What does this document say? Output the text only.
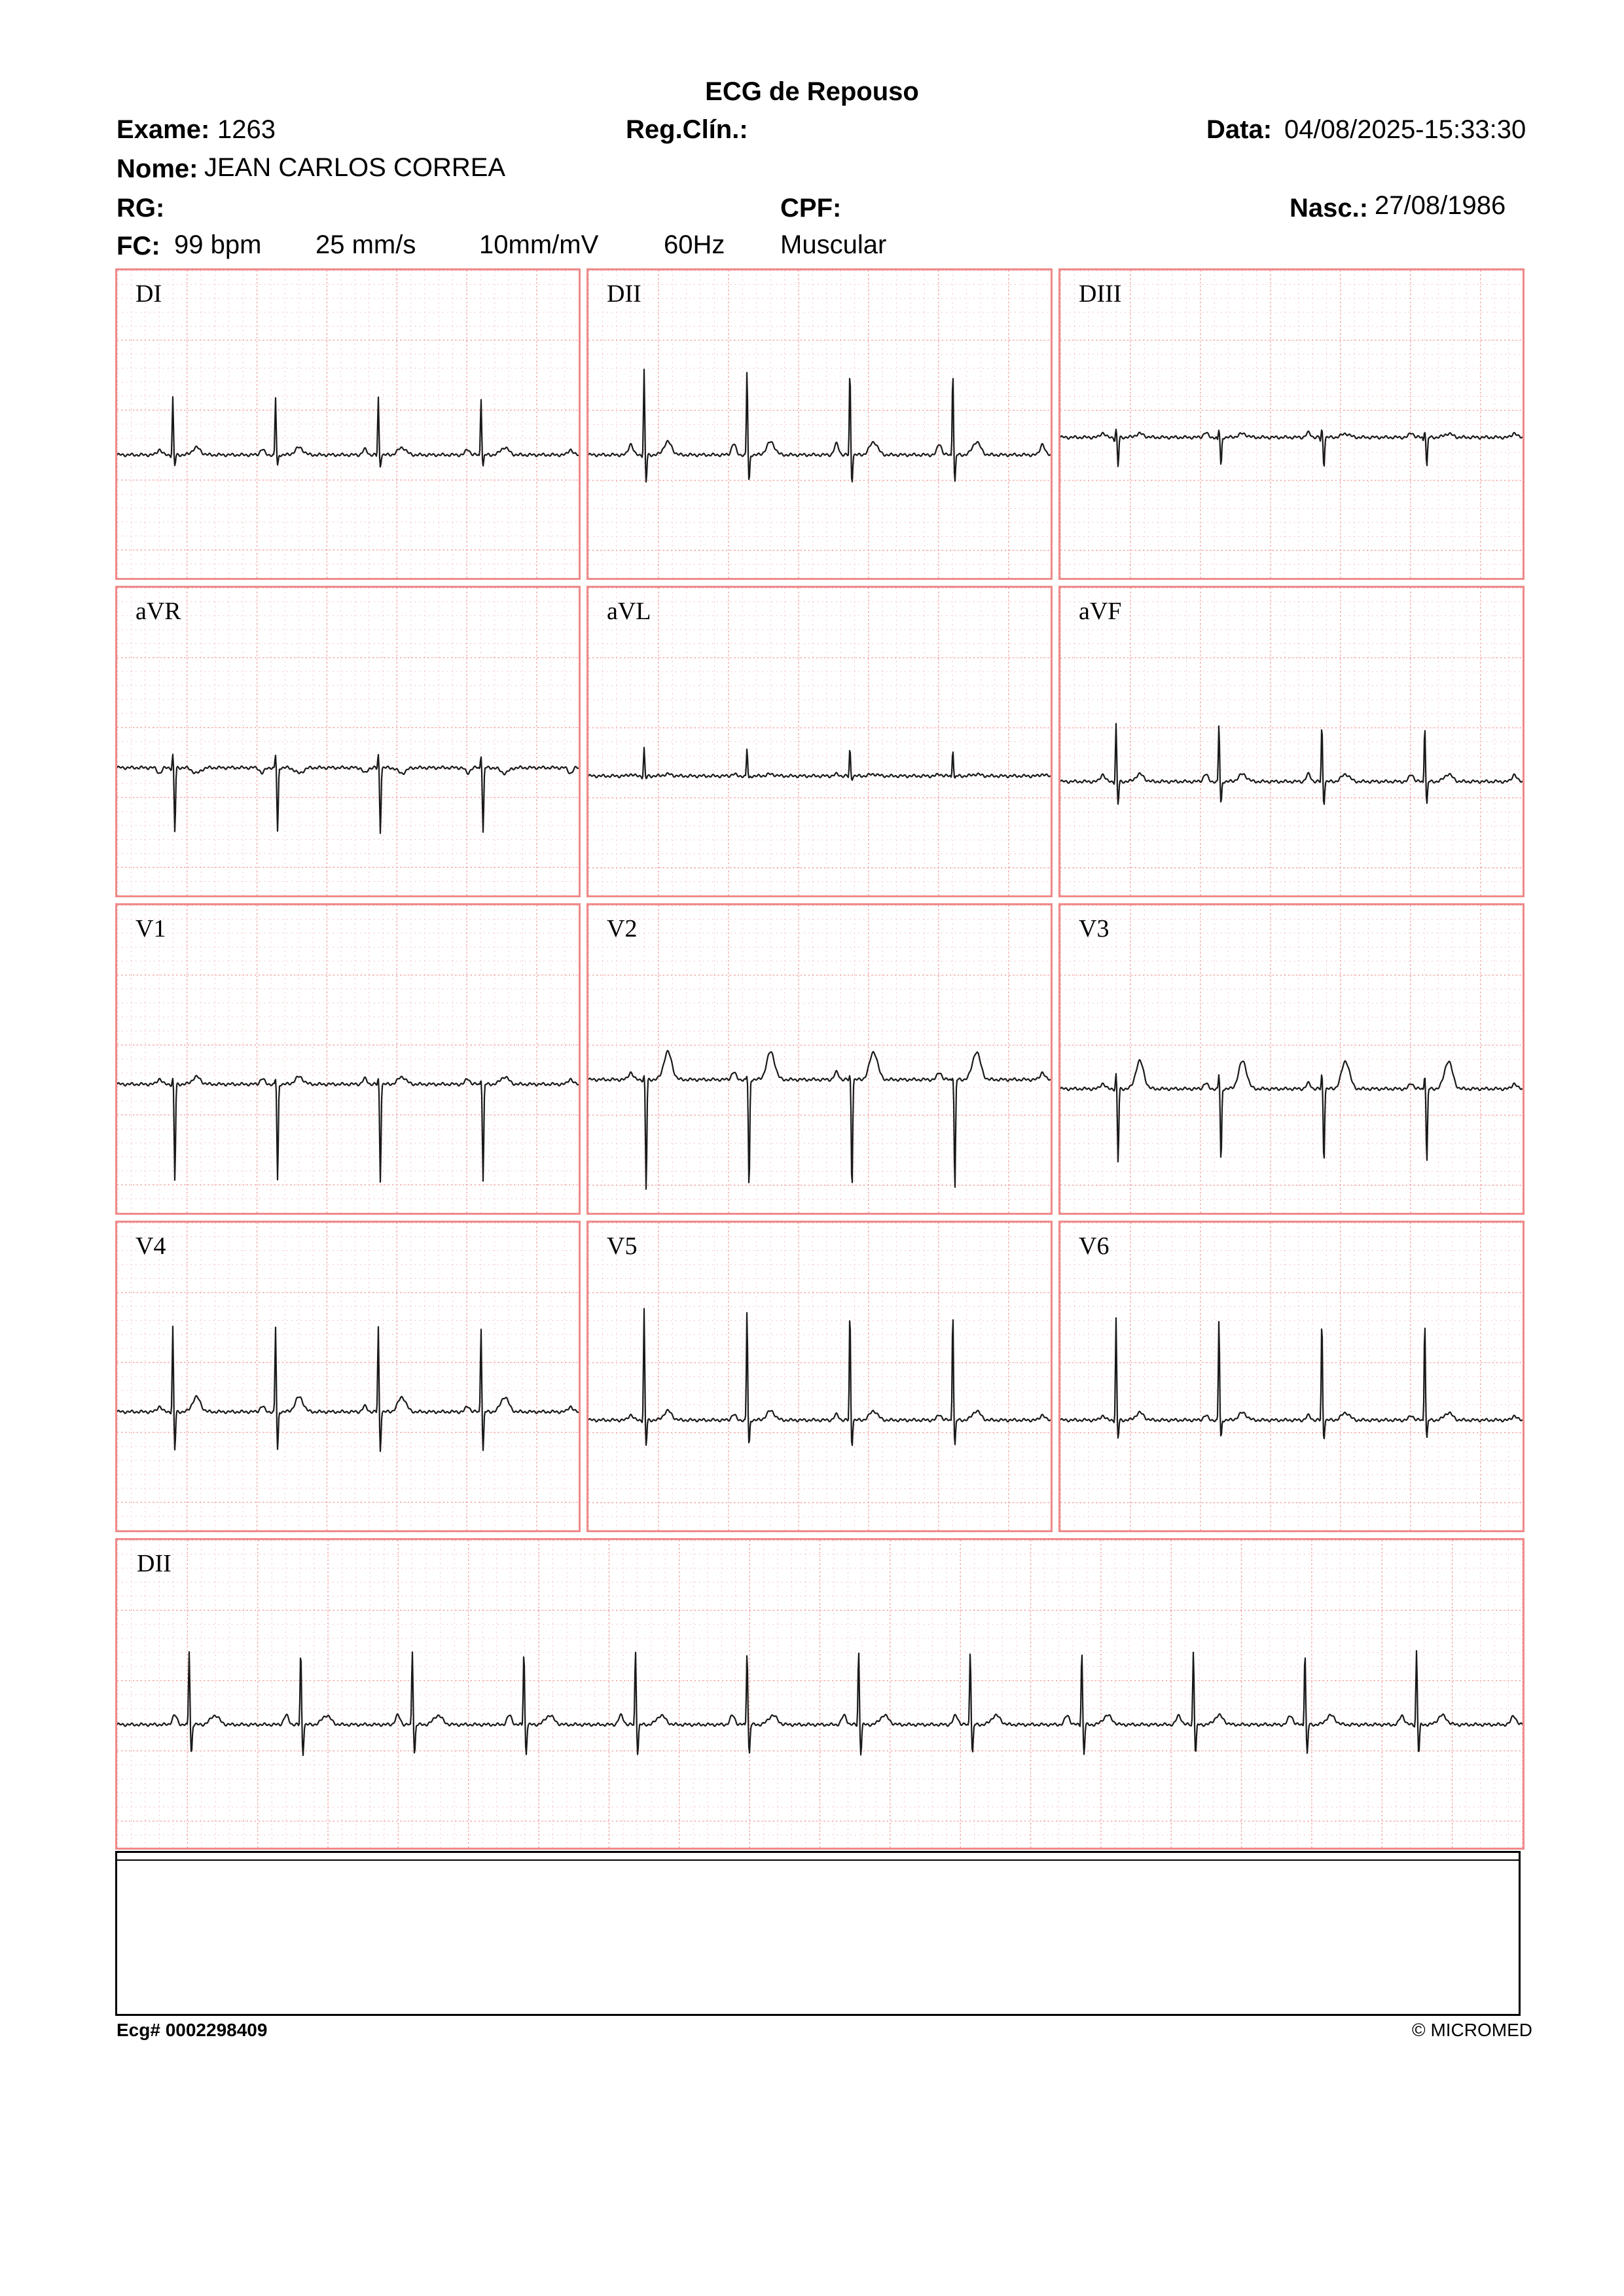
ECG de Repouso
Exame: 1263	Reg.Clín.:	Data: 04/08/2025-15:33:30
Nome: JEAN CARLOS CORREA
RG:	CPF:	Nasc.: 27/08/1986
FC: 99 bpm 25 mm/s 10mm/mV 60Hz Muscular
DI	DII	DIII
aVR	aVL	aVF
V1	V2	V3
V4	V5	V6
DII
Ecg# 0002298409	© MICROMED
